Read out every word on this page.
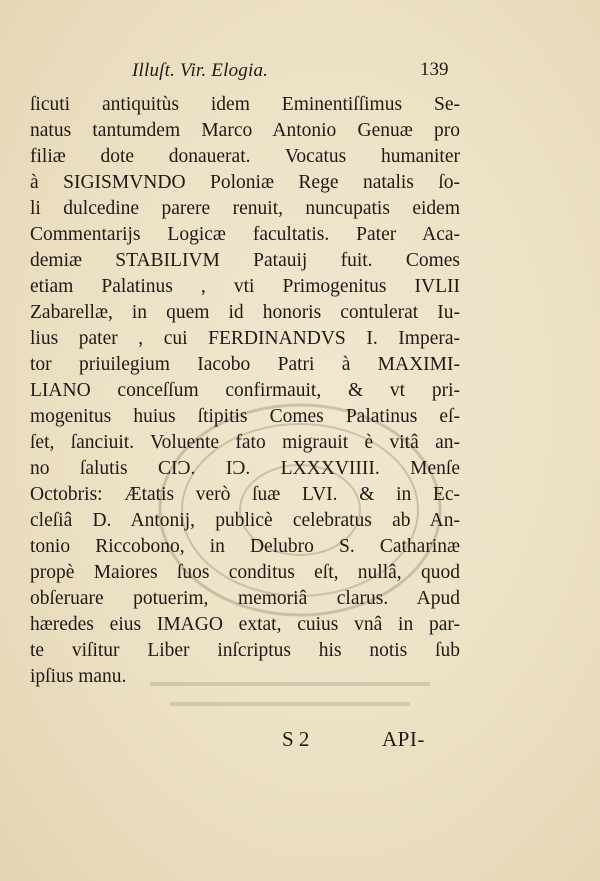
Illuſt. Vir. Elogia.	139
ſicuti antiquitùs idem Eminentiſſimus Se-
natus tantumdem Marco Antonio Genuæ pro
filiæ dote donauerat. Vocatus humaniter
à SIGISMVNDO Poloniæ Rege natalis ſo-
li dulcedine parere renuit, nuncupatis eidem
Commentarijs Logicæ facultatis. Pater Aca-
demiæ STABILIVM Patauij fuit. Comes
etiam Palatinus , vti Primogenitus IVLII
Zabarellæ, in quem id honoris contulerat Iu-
lius pater , cui FERDINANDVS I. Impera-
tor priuilegium Iacobo Patri à MAXIMI-
LIANO conceſſum confirmauit, & vt pri-
mogenitus huius ſtipitis Comes Palatinus eſ-
ſet, ſanciuit. Voluente fato migrauit è vitâ an-
no ſalutis CIƆ. IƆ. LXXXVIIII. Menſe
Octobris: Ætatis verò ſuæ LVI. & in Ec-
cleſiâ D. Antonij, publicè celebratus ab An-
tonio Riccobono, in Delubro S. Catharinæ
propè Maiores ſuos conditus eſt, nullâ, quod
obſeruare potuerim, memoriâ clarus. Apud
hæredes eius IMAGO extat, cuius vnâ in par-
te viſitur Liber inſcriptus his notis ſub
ipſius manu.
S 2	API-
